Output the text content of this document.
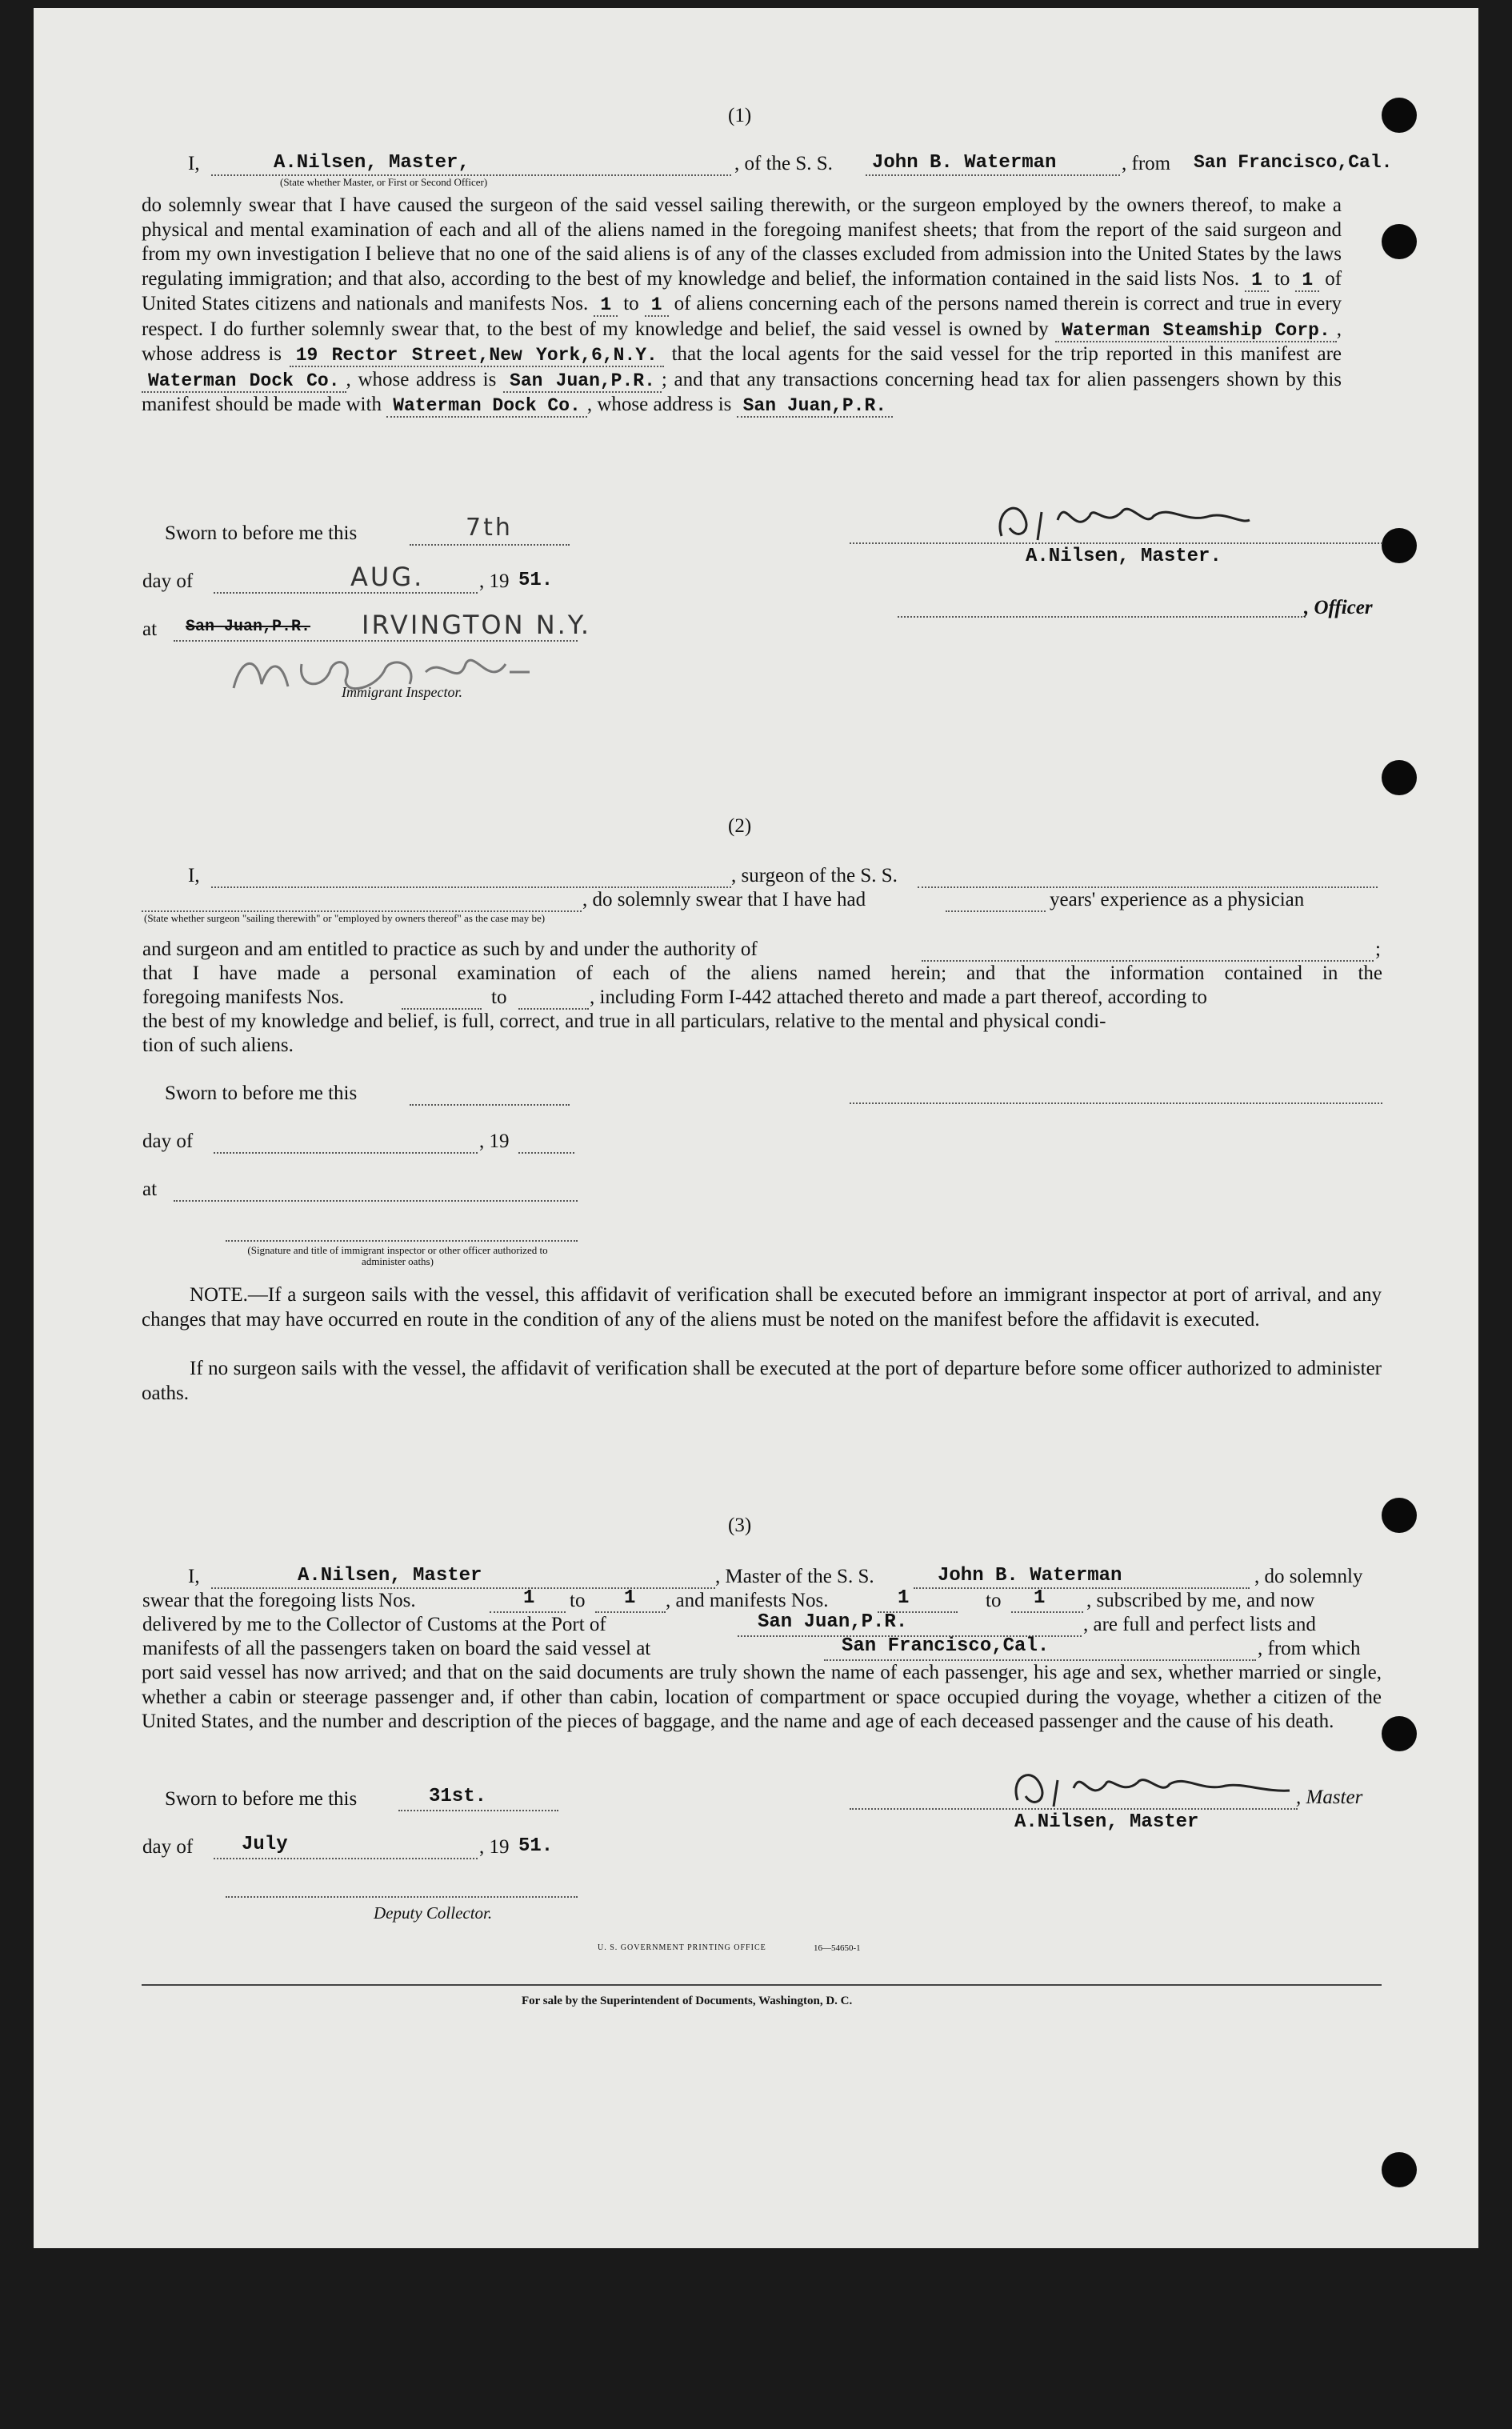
(1)
I,	A.Nilsen, Master,
(State whether Master, or First or Second Officer)
, of the S. S. John B. Waterman	, from San Francisco,Cal.
do solemnly swear that I have caused the surgeon of the said vessel sailing therewith, or the surgeon employed by the owners thereof, to make a physical and mental examination of each and all of the aliens named in the foregoing manifest sheets; that from the report of the said surgeon and from my own investigation I believe that no one of the said aliens is of any of the classes excluded from admission into the United States by the laws regulating immigration; and that also, according to the best of my knowledge and belief, the information contained in the said lists Nos. 1 to 1 of United States citizens and nationals and manifests Nos. 1 to 1 of aliens concerning each of the persons named therein is correct and true in every respect. I do further solemnly swear that, to the best of my knowledge and belief, the said vessel is owned by Waterman Steamship Corp. , whose address is 19 Rector Street,New York,6,N.Y. that the local agents for the said vessel for the trip reported in this manifest are Waterman Dock Co. , whose address is San Juan,P.R. ; and that any transactions concerning head tax for alien passengers shown by this manifest should be made with Waterman Dock Co. , whose address is San Juan,P.R.
Sworn to before me this	7th
day of	AUG.	, 19 51.
at San Juan,P.R. IRVINGTON N.Y.
Immigrant Inspector.
A.Nilsen, Master.
, Officer
(2)
I,	, surgeon of the S. S.
, do solemnly swear that I have had	years' experience as a physician
(State whether surgeon "sailing therewith" or "employed by owners thereof" as the case may be)
and surgeon and am entitled to practice as such by and under the authority of	;
that I have made a personal examination of each of the aliens named herein; and that the information contained in the
foregoing manifests Nos.	to	, including Form I-442 attached thereto and made a part thereof, according to
the best of my knowledge and belief, is full, correct, and true in all particulars, relative to the mental and physical condi-
tion of such aliens.
Sworn to before me this
day of	, 19
at
(Signature and title of immigrant inspector or other officer authorized to administer oaths)
NOTE.—If a surgeon sails with the vessel, this affidavit of verification shall be executed before an immigrant inspector at port of arrival, and any changes that may have occurred en route in the condition of any of the aliens must be noted on the manifest before the affidavit is executed.
If no surgeon sails with the vessel, the affidavit of verification shall be executed at the port of departure before some officer authorized to administer oaths.
(3)
I,	A.Nilsen, Master	, Master of the S. S.	John B. Waterman	, do solemnly
swear that the foregoing lists Nos.	1 to 1 , and manifests Nos.	1	to 1 , subscribed by me, and now
delivered by me to the Collector of Customs at the Port of	San Juan,P.R.	, are full and perfect lists and
manifests of all the passengers taken on board the said vessel at	San Francisco,Cal.	, from which
port said vessel has now arrived; and that on the said documents are truly shown the name of each passenger, his age and sex, whether married or single, whether a cabin or steerage passenger and, if other than cabin, location of compartment or space occupied during the voyage, whether a citizen of the United States, and the number and description of the pieces of baggage, and the name and age of each deceased passenger and the cause of his death.
Sworn to before me this	31st.
day of	July	, 19 51.
, Master
A.Nilsen, Master
Deputy Collector.
U. S. GOVERNMENT PRINTING OFFICE	16—54650-1
For sale by the Superintendent of Documents, Washington, D. C.
